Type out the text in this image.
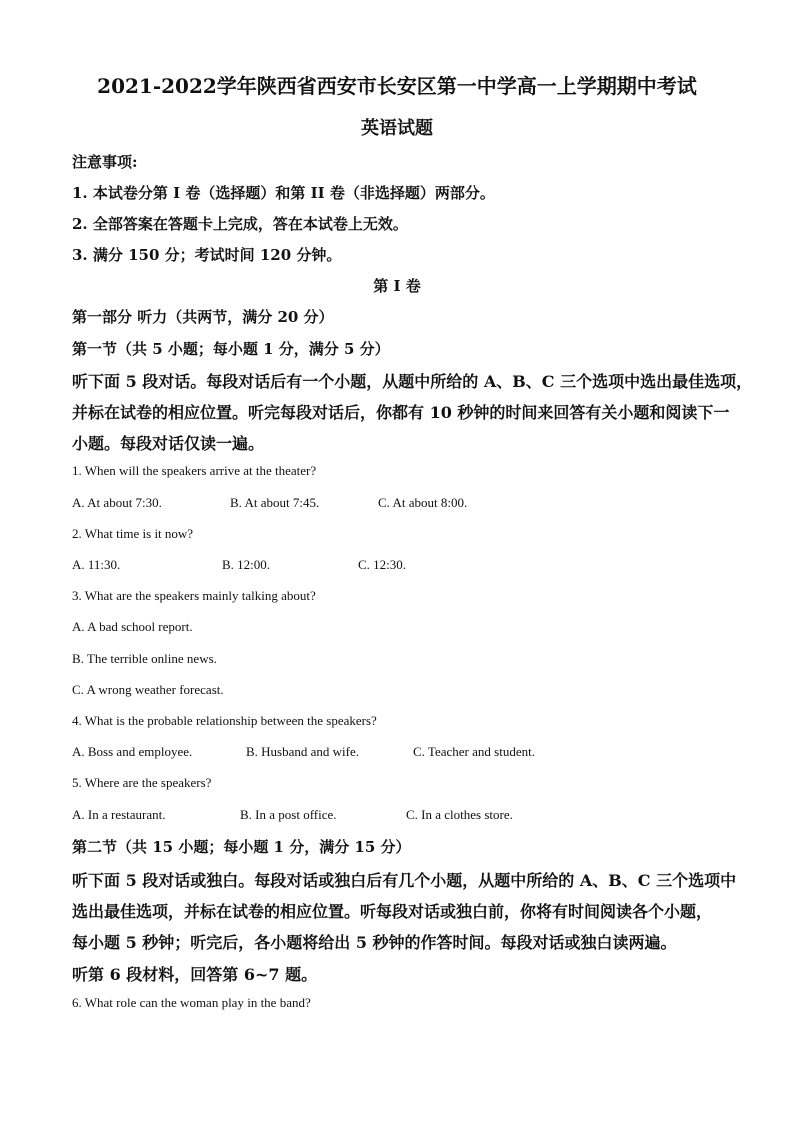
2021-2022学年陕西省西安市长安区第一中学高一上学期期中考试
英语试题
注意事项:
1. 本试卷分第 I 卷（选择题）和第 II 卷（非选择题）两部分。
2. 全部答案在答题卡上完成，答在本试卷上无效。
3. 满分 150 分；考试时间 120 分钟。
第 I 卷
第一部分 听力（共两节，满分 20 分）
第一节（共 5 小题；每小题 1 分，满分 5 分）
听下面 5 段对话。每段对话后有一个小题，从题中所给的 A、B、C 三个选项中选出最佳选项，
并标在试卷的相应位置。听完每段对话后，你都有 10 秒钟的时间来回答有关小题和阅读下一
小题。每段对话仅读一遍。
1. When will the speakers arrive at the theater?
A. At about 7:30.	B. At about 7:45.	C. At about 8:00.
2. What time is it now?
A. 11:30.	B. 12:00.	C. 12:30.
3. What are the speakers mainly talking about?
A. A bad school report.
B. The terrible online news.
C. A wrong weather forecast.
4. What is the probable relationship between the speakers?
A. Boss and employee.	B. Husband and wife.	C. Teacher and student.
5. Where are the speakers?
A. In a restaurant.	B. In a post office.	C. In a clothes store.
第二节（共 15 小题；每小题 1 分，满分 15 分）
听下面 5 段对话或独白。每段对话或独白后有几个小题，从题中所给的 A、B、C 三个选项中
选出最佳选项，并标在试卷的相应位置。听每段对话或独白前，你将有时间阅读各个小题，
每小题 5 秒钟；听完后，各小题将给出 5 秒钟的作答时间。每段对话或独白读两遍。
听第 6 段材料，回答第 6~7 题。
6. What role can the woman play in the band?
